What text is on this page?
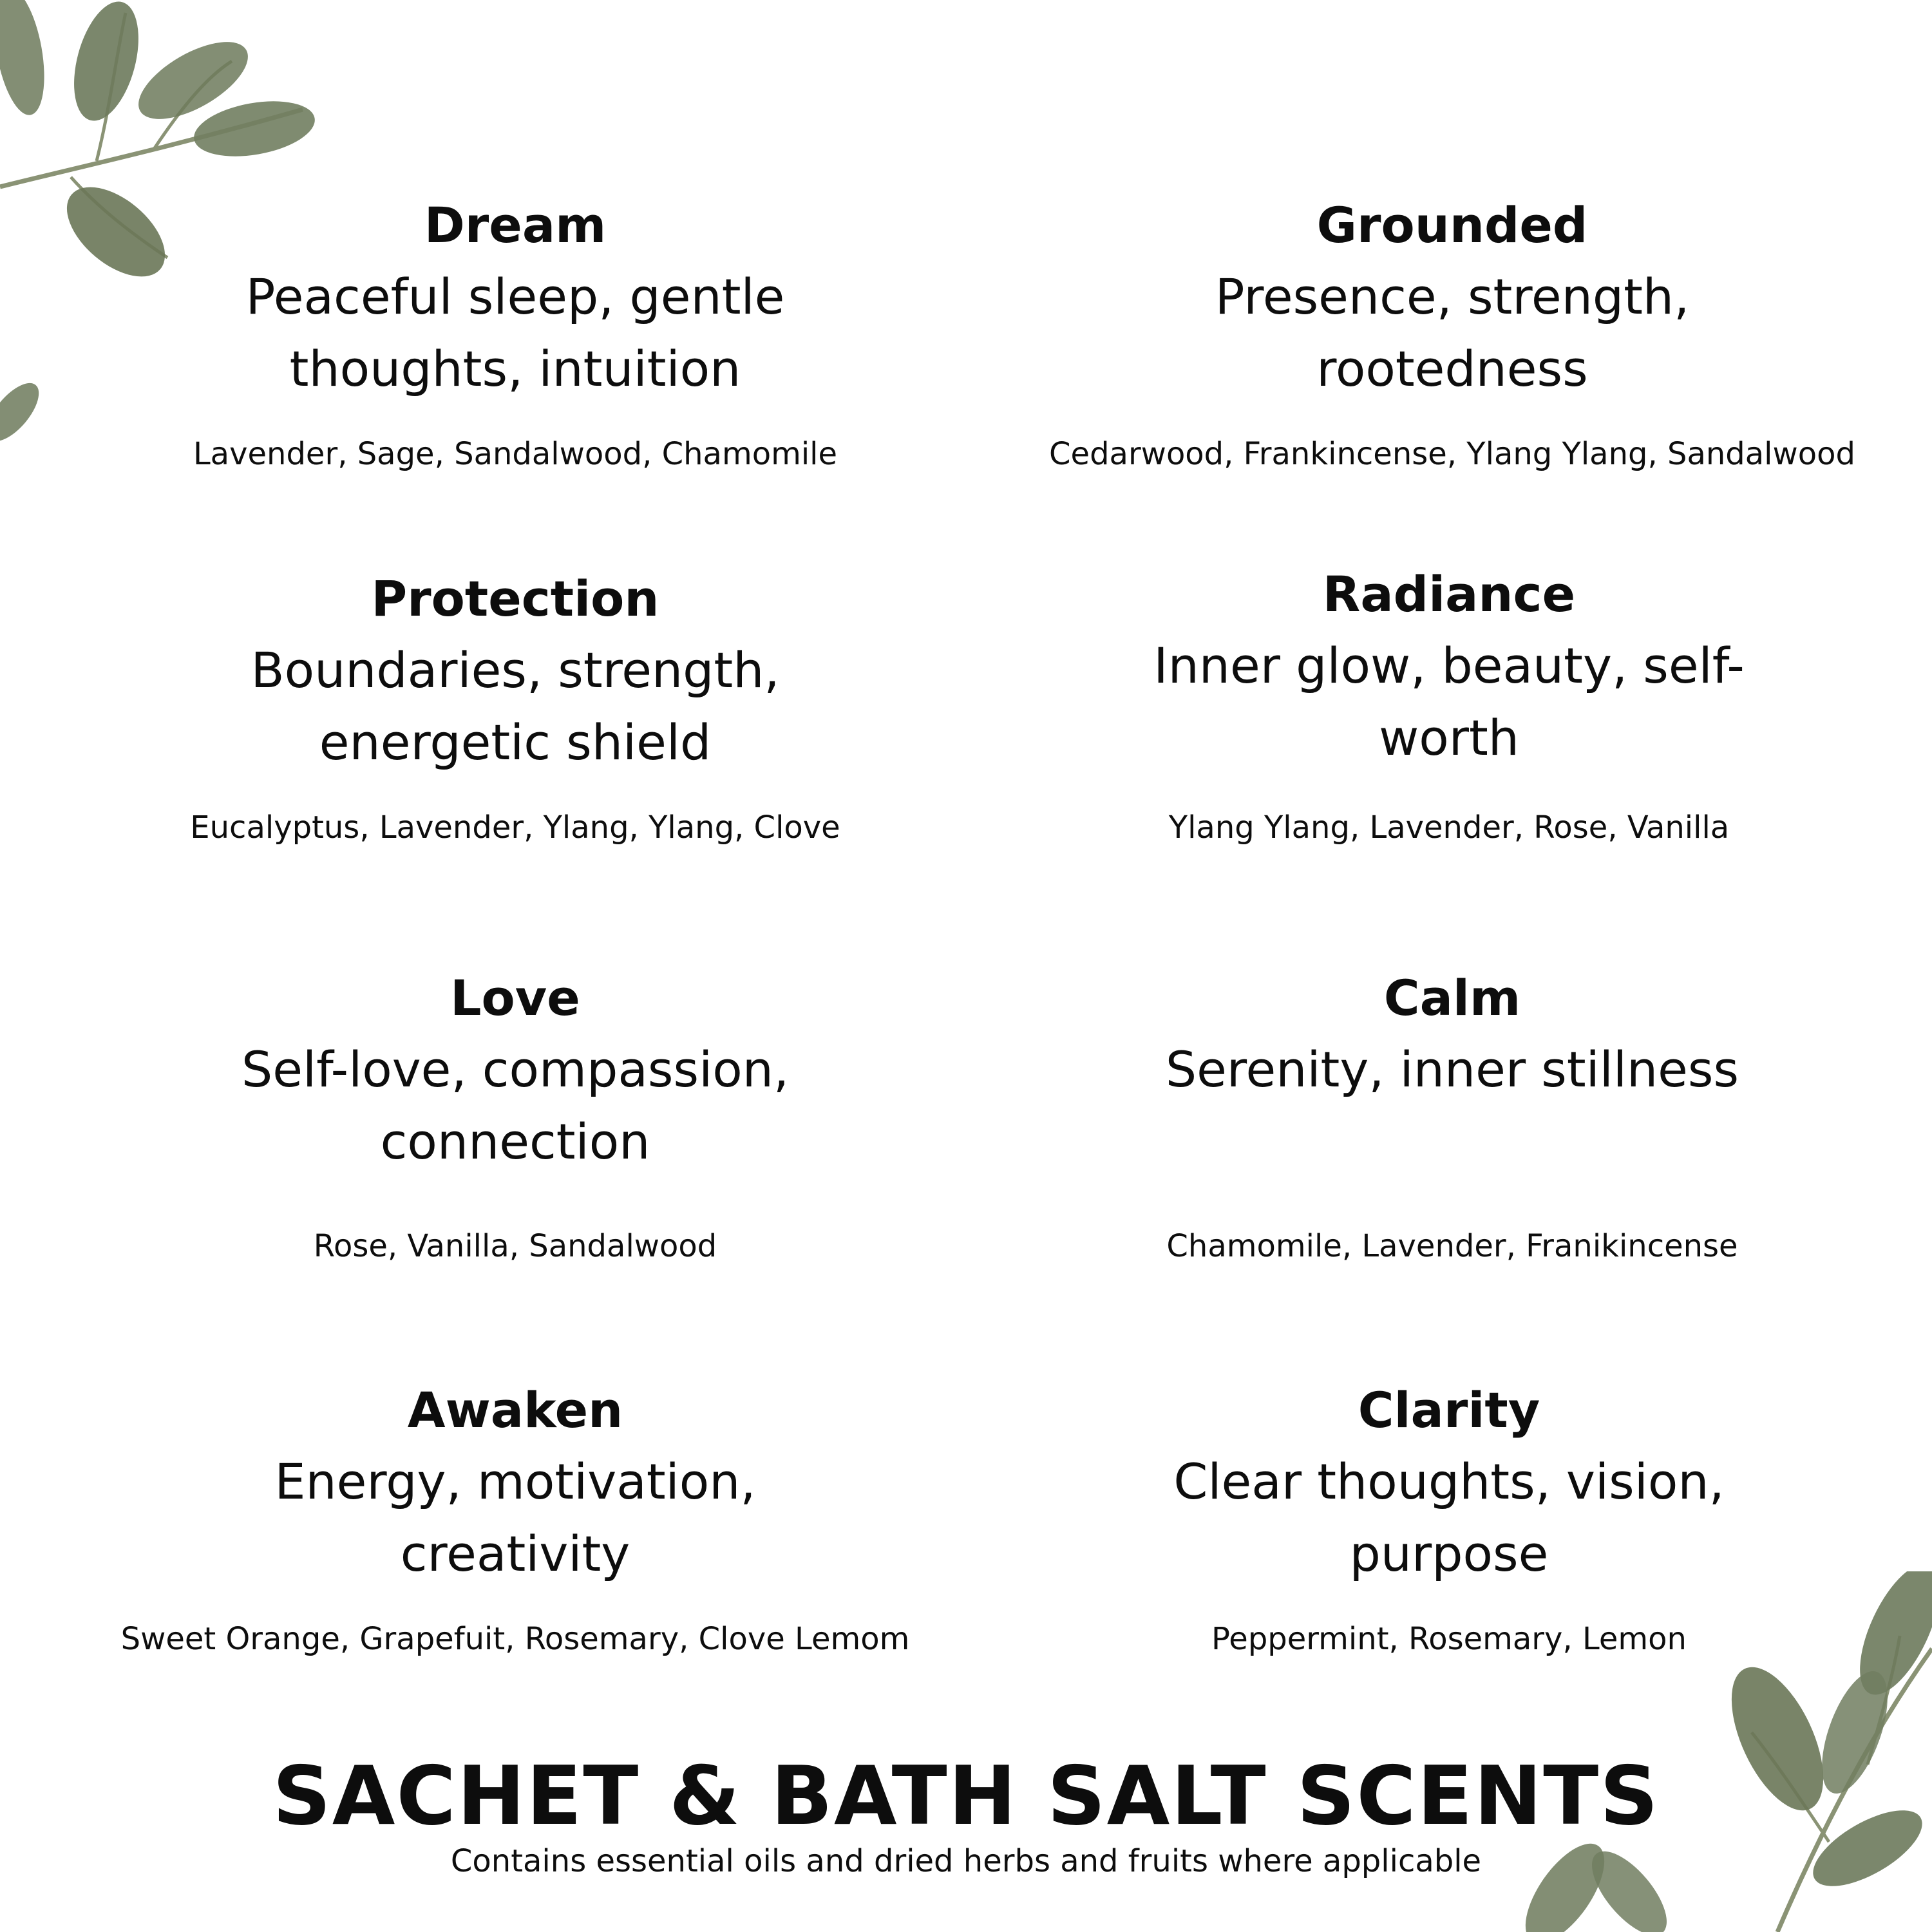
Dream

Peaceful sleep, gentle
thoughts, intuition

Lavender, Sage, Sandalwood, Chamomile
Grounded

Presence, strength,
rootedness

Cedarwood, Frankincense, Ylang Ylang, Sandalwood
Protection

Boundaries, strength,
energetic shield

Eucalyptus, Lavender, Ylang, Ylang, Clove
Radiance

Inner glow, beauty, self-
worth

Ylang Ylang, Lavender, Rose, Vanilla
Love

Self-love, compassion,
connection

Rose, Vanilla, Sandalwood
Calm

Serenity, inner stillness

Chamomile, Lavender, Franikincense
Awaken

Energy, motivation,
creativity

Sweet Orange, Grapefuit, Rosemary, Clove Lemom
Clarity

Clear thoughts, vision,
purpose

Peppermint, Rosemary, Lemon
SACHET & BATH SALT SCENTS

Contains essential oils and dried herbs and fruits where applicable
